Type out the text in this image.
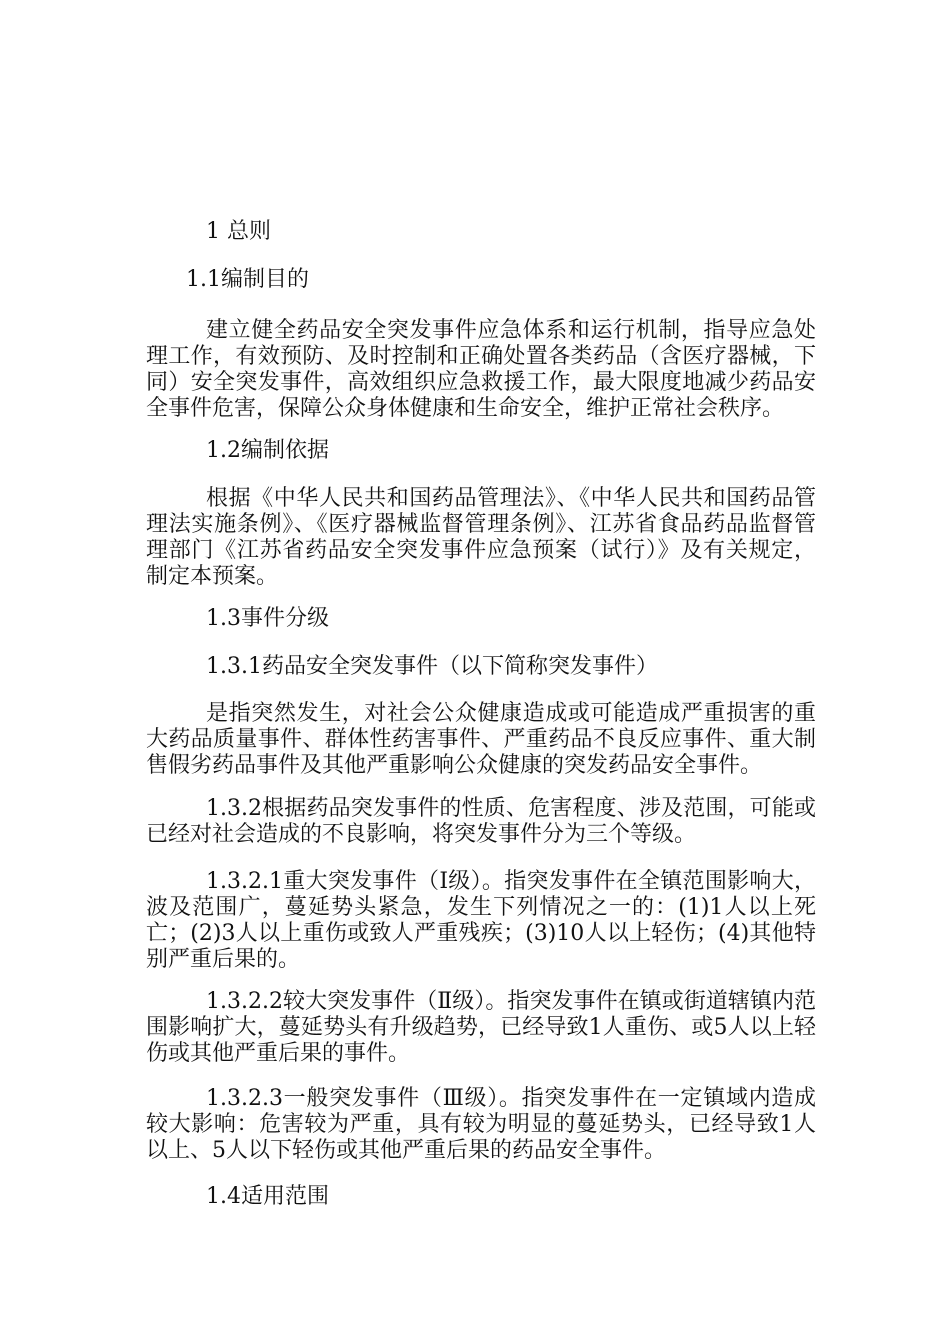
1 总则

1.1编制目的

建立健全药品安全突发事件应急体系和运行机制，指导应急处理工作，有效预防、及时控制和正确处置各类药品（含医疗器械，下同）安全突发事件，高效组织应急救援工作，最大限度地减少药品安全事件危害，保障公众身体健康和生命安全，维护正常社会秩序。

1.2编制依据

根据《中华人民共和国药品管理法》、《中华人民共和国药品管理法实施条例》、《医疗器械监督管理条例》、江苏省食品药品监督管理部门《江苏省药品安全突发事件应急预案（试行）》及有关规定，制定本预案。

1.3事件分级

1.3.1药品安全突发事件（以下简称突发事件）

是指突然发生，对社会公众健康造成或可能造成严重损害的重大药品质量事件、群体性药害事件、严重药品不良反应事件、重大制售假劣药品事件及其他严重影响公众健康的突发药品安全事件。

1.3.2根据药品突发事件的性质、危害程度、涉及范围，可能或已经对社会造成的不良影响，将突发事件分为三个等级。

1.3.2.1重大突发事件（Ⅰ级）。指突发事件在全镇范围影响大，波及范围广，蔓延势头紧急，发生下列情况之一的：(1)1人以上死亡；(2)3人以上重伤或致人严重残疾；(3)10人以上轻伤；(4)其他特别严重后果的。

1.3.2.2较大突发事件（Ⅱ级）。指突发事件在镇或街道辖镇内范围影响扩大，蔓延势头有升级趋势，已经导致1人重伤、或5人以上轻伤或其他严重后果的事件。

1.3.2.3一般突发事件（Ⅲ级）。指突发事件在一定镇域内造成较大影响：危害较为严重，具有较为明显的蔓延势头，已经导致1人以上、5人以下轻伤或其他严重后果的药品安全事件。

1.4适用范围
